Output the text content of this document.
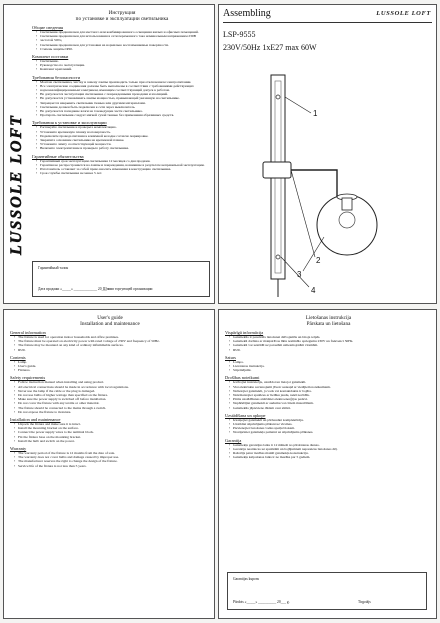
LUSSOLE LOFT
Инструкция
по установке и эксплуатации светильника
Общие сведения
• Светильник предназначен для местного или комбинированного освещения жилых и офисных помещений.
• Светильник предназначен для использования в сети переменного тока номинальным напряжением 230В
• частотой 50Гц.
• Светильник предназначен для установки на нормально воспламеняемые поверхности.
• Степень защиты IP20.
Комплект поставки
• Светильник.
• Руководство по эксплуатации.
• Комплект креплений.
Требования безопасности
• Монтаж светильника, чистку и замену лампы производить только при отключенном электропитании.
• Все электрические соединения должны быть выполнены в соответствии с требованиями действующих
• норм квалифицированным электриком, имеющим соответствующий допуск к работам.
• Не допускается эксплуатация светильника с поврежденными проводами и изоляцией.
• Не допускается устанавливать лампы мощностью, превышающей указанную на светильнике.
• Запрещается накрывать светильник тканью или другими материалами.
• Светильник должен быть подключен к сети через выключатель.
• Не допускается попадание влаги на токоведущие части светильника.
• Протирать светильник следует мягкой сухой тканью без применения абразивных средств.
Требования к установке и эксплуатации
• Распакуйте светильник и проверьте комплектацию.
• Установите крепежную планку на поверхность.
• Подключите провода питания к клеммной колодке согласно маркировке.
• Закрепите основание светильника на крепежной планке.
• Установите лампу соответствующей мощности.
• Включите электропитание и проверьте работу светильника.
Гарантийные обязательства
• Гарантийный срок эксплуатации светильника 12 месяцев со дня продажи.
• Гарантия не распространяется на лампы и повреждения, возникшие в результате неправильной эксплуатации.
• Изготовитель оставляет за собой право вносить изменения в конструкцию светильника.
• Срок службы светильника не менее 5 лет.
Гарантийный талон
Дата продажи «_____» _____________ 20___ г.
Штамп торгующей организации
Assembling	LUSSOLE LOFT
LSP-9555
230V/50Hz 1xE27 max 60W
1
2
3
4
User's guide
Installation and maintenance
General information
• The fixture is used for operation indoor households and office premises.
• The fixture must be operated on electricity power with rated voltage of 230V and frequency of 50Hz.
• The fixture may be mounted on any kind of ordinary inflammable surfaces.
• IP20.
Contents
• Lamp.
• User's guide.
• Fixtures.
Safety requirements
• Follow instruction manual when installing and using product.
• All electrical connections should be made in accordance with local regulations.
• Never use the lamp if the cable or the plug is damaged.
• Do not use bulbs of higher wattage than specified on the fixture.
• Make sure the power supply is switched off before installation.
• Do not cover the fixture with any textile or other material.
• The fixture should be connected to the mains through a switch.
• Do not expose the fixture to moisture.
Installation and maintenance
• Unpack the fixture and make sure it is intact.
• Install the mounting bracket on the surface.
• Connect the power supply wires to the terminal block.
• Fix the fixture base on the mounting bracket.
• Install the bulb and switch on the power.
Warranty
• The warranty period of the fixture is 12 months from the date of sale.
• The warranty does not cover bulbs and damage caused by improper use.
• The manufacturer reserves the right to change the design of the fixture.
• Service life of the fixture is not less than 5 years.
Lietošanas instrukcija
Pārskata un lietošana
Vispārīgā informācija
• Gaismeklis ir paredzēts lietošanai dzīvojamās un biroja telpās.
• Gaismekli darbina ar maiņstrāvas tīkla nominālo spriegumu 230V un frekvenci 50Hz.
• Gaismekli var uzstādīt uz parastām uzliesmojošām virsmām.
• IP20.
Saturs
• Lampa.
• Lietošanas instrukcija.
• Stiprinājumi.
Drošības noteikumi
• Ievērojiet instrukciju, uzstādot un lietojot gaismekli.
• Visi elektriskie savienojumi jāveic saskaņā ar vietējiem noteikumiem.
• Nelietojiet gaismekli, ja vads vai kontaktdakša ir bojāta.
• Neizmantojiet spuldzes ar lielāku jaudu, nekā norādīts.
• Pirms uzstādīšanas atslēdziet elektroenerģijas padevi.
• Nepārklājiet gaismekli ar audumu vai citiem materiāliem.
• Gaismeklis jāpievieno tīklam caur slēdzi.
Uzstādīšana un apkope
• Izsaiņojiet gaismekli un pārbaudiet komplektāciju.
• Uzstādiet stiprinājuma plāksni uz virsmas.
• Pievienojiet barošanas vadus spaiļu blokam.
• Nostipriniet gaismekļa pamatni uz stiprinājuma plāksnes.
Garantija
• Gaismekļa garantijas laiks ir 12 mēneši no pārdošanas dienas.
• Garantija neattiecas uz spuldzēm un bojājumiem nepareizas lietošanas dēļ.
• Ražotājs patur tiesības mainīt gaismekļa konstrukciju.
• Gaismekļa kalpošanas laiks ir ne mazāks par 5 gadiem.
Garantijas kupons
Pārdots «_____» __________ 20___ g.	Tirgotājs
